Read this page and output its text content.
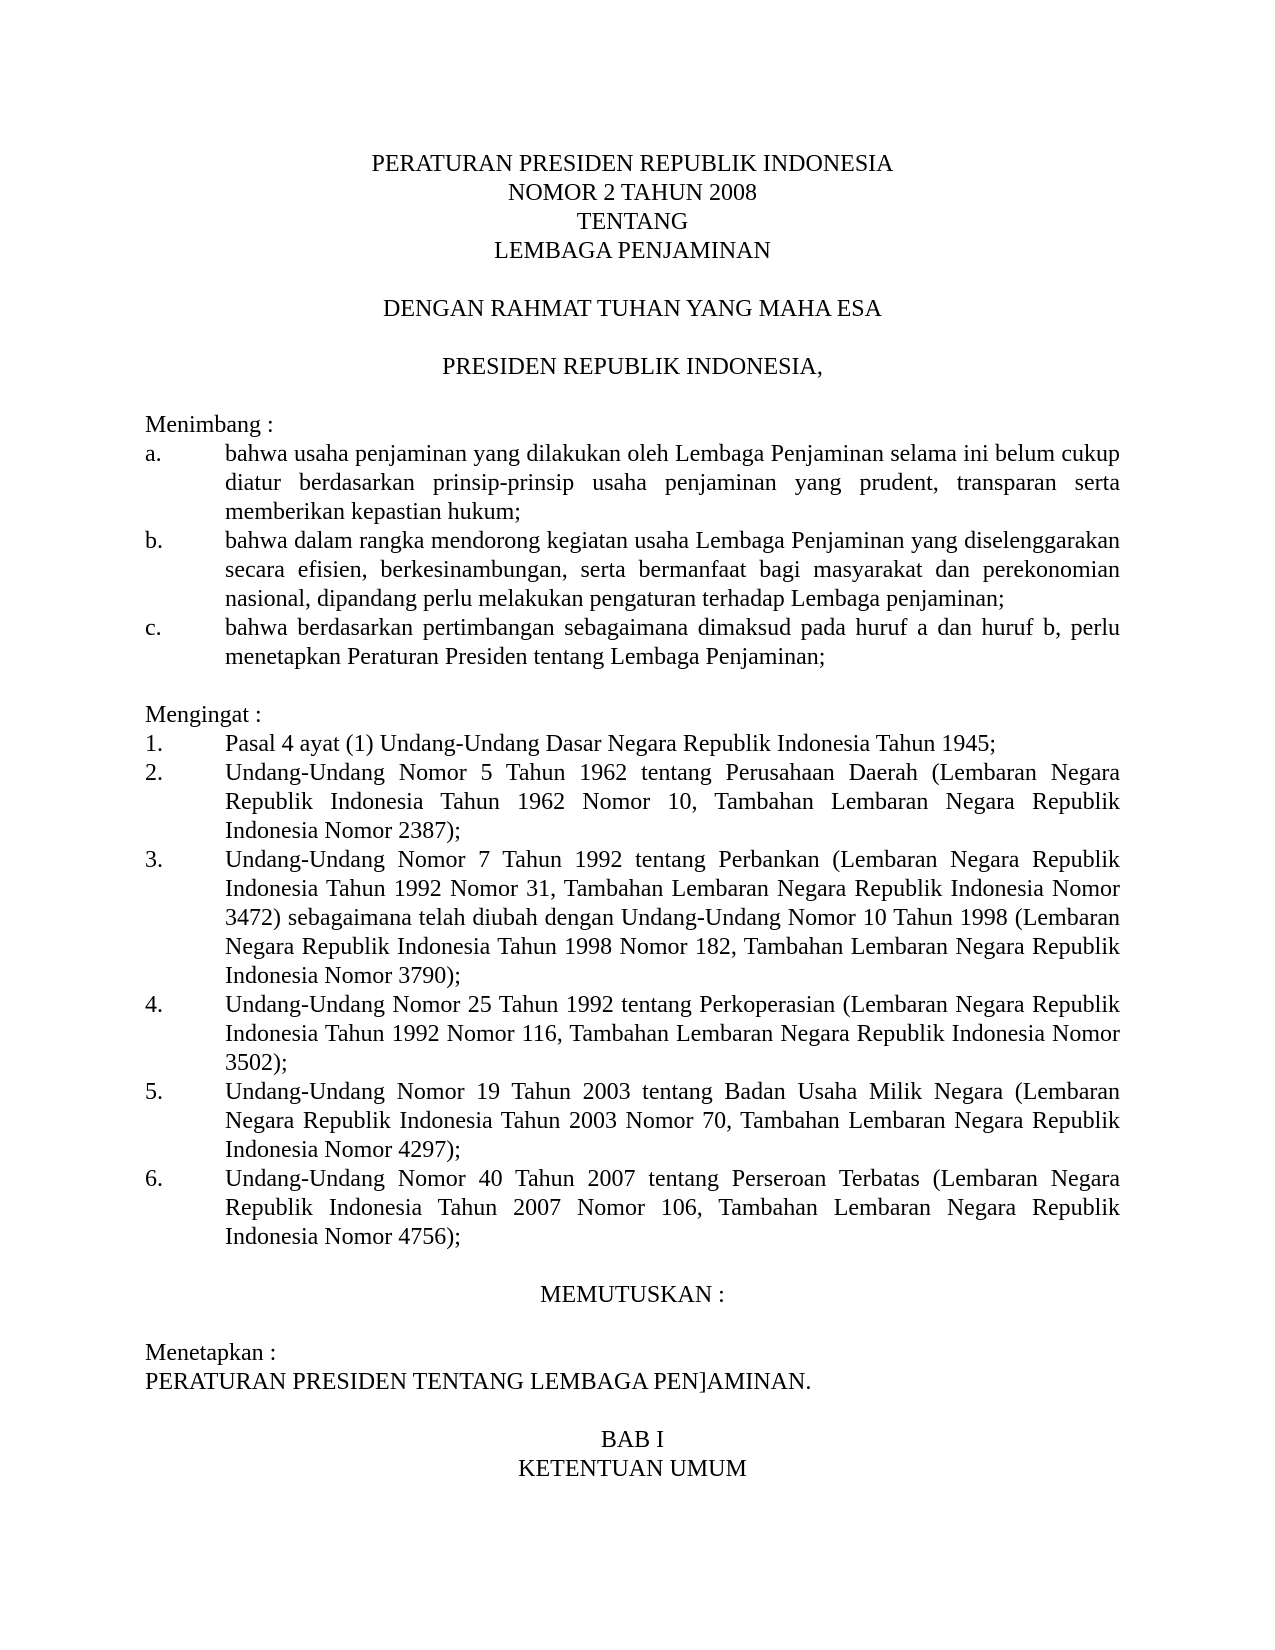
PERATURAN PRESIDEN REPUBLIK INDONESIA
NOMOR 2 TAHUN 2008
TENTANG
LEMBAGA PENJAMINAN
DENGAN RAHMAT TUHAN YANG MAHA ESA
PRESIDEN REPUBLIK INDONESIA,
Menimbang :
a.	bahwa usaha penjaminan yang dilakukan oleh Lembaga Penjaminan selama ini belum cukup
diatur berdasarkan prinsip-prinsip usaha penjaminan yang prudent, transparan serta
memberikan kepastian hukum;
b.	bahwa dalam rangka mendorong kegiatan usaha Lembaga Penjaminan yang diselenggarakan
secara efisien, berkesinambungan, serta bermanfaat bagi masyarakat dan perekonomian
nasional, dipandang perlu melakukan pengaturan terhadap Lembaga penjaminan;
c.	bahwa berdasarkan pertimbangan sebagaimana dimaksud pada huruf a dan huruf b, perlu
menetapkan Peraturan Presiden tentang Lembaga Penjaminan;
Mengingat :
1.	Pasal 4 ayat (1) Undang-Undang Dasar Negara Republik Indonesia Tahun 1945;
2.	Undang-Undang Nomor 5 Tahun 1962 tentang Perusahaan Daerah (Lembaran Negara
Republik Indonesia Tahun 1962 Nomor 10, Tambahan Lembaran Negara Republik
Indonesia Nomor 2387);
3.	Undang-Undang Nomor 7 Tahun 1992 tentang Perbankan (Lembaran Negara Republik
Indonesia Tahun 1992 Nomor 31, Tambahan Lembaran Negara Republik Indonesia Nomor
3472) sebagaimana telah diubah dengan Undang-Undang Nomor 10 Tahun 1998 (Lembaran
Negara Republik Indonesia Tahun 1998 Nomor 182, Tambahan Lembaran Negara Republik
Indonesia Nomor 3790);
4.	Undang-Undang Nomor 25 Tahun 1992 tentang Perkoperasian (Lembaran Negara Republik
Indonesia Tahun 1992 Nomor 116, Tambahan Lembaran Negara Republik Indonesia Nomor
3502);
5.	Undang-Undang Nomor 19 Tahun 2003 tentang Badan Usaha Milik Negara (Lembaran
Negara Republik Indonesia Tahun 2003 Nomor 70, Tambahan Lembaran Negara Republik
Indonesia Nomor 4297);
6.	Undang-Undang Nomor 40 Tahun 2007 tentang Perseroan Terbatas (Lembaran Negara
Republik Indonesia Tahun 2007 Nomor 106, Tambahan Lembaran Negara Republik
Indonesia Nomor 4756);
MEMUTUSKAN :
Menetapkan :
PERATURAN PRESIDEN TENTANG LEMBAGA PEN]AMINAN.
BAB I
KETENTUAN UMUM
